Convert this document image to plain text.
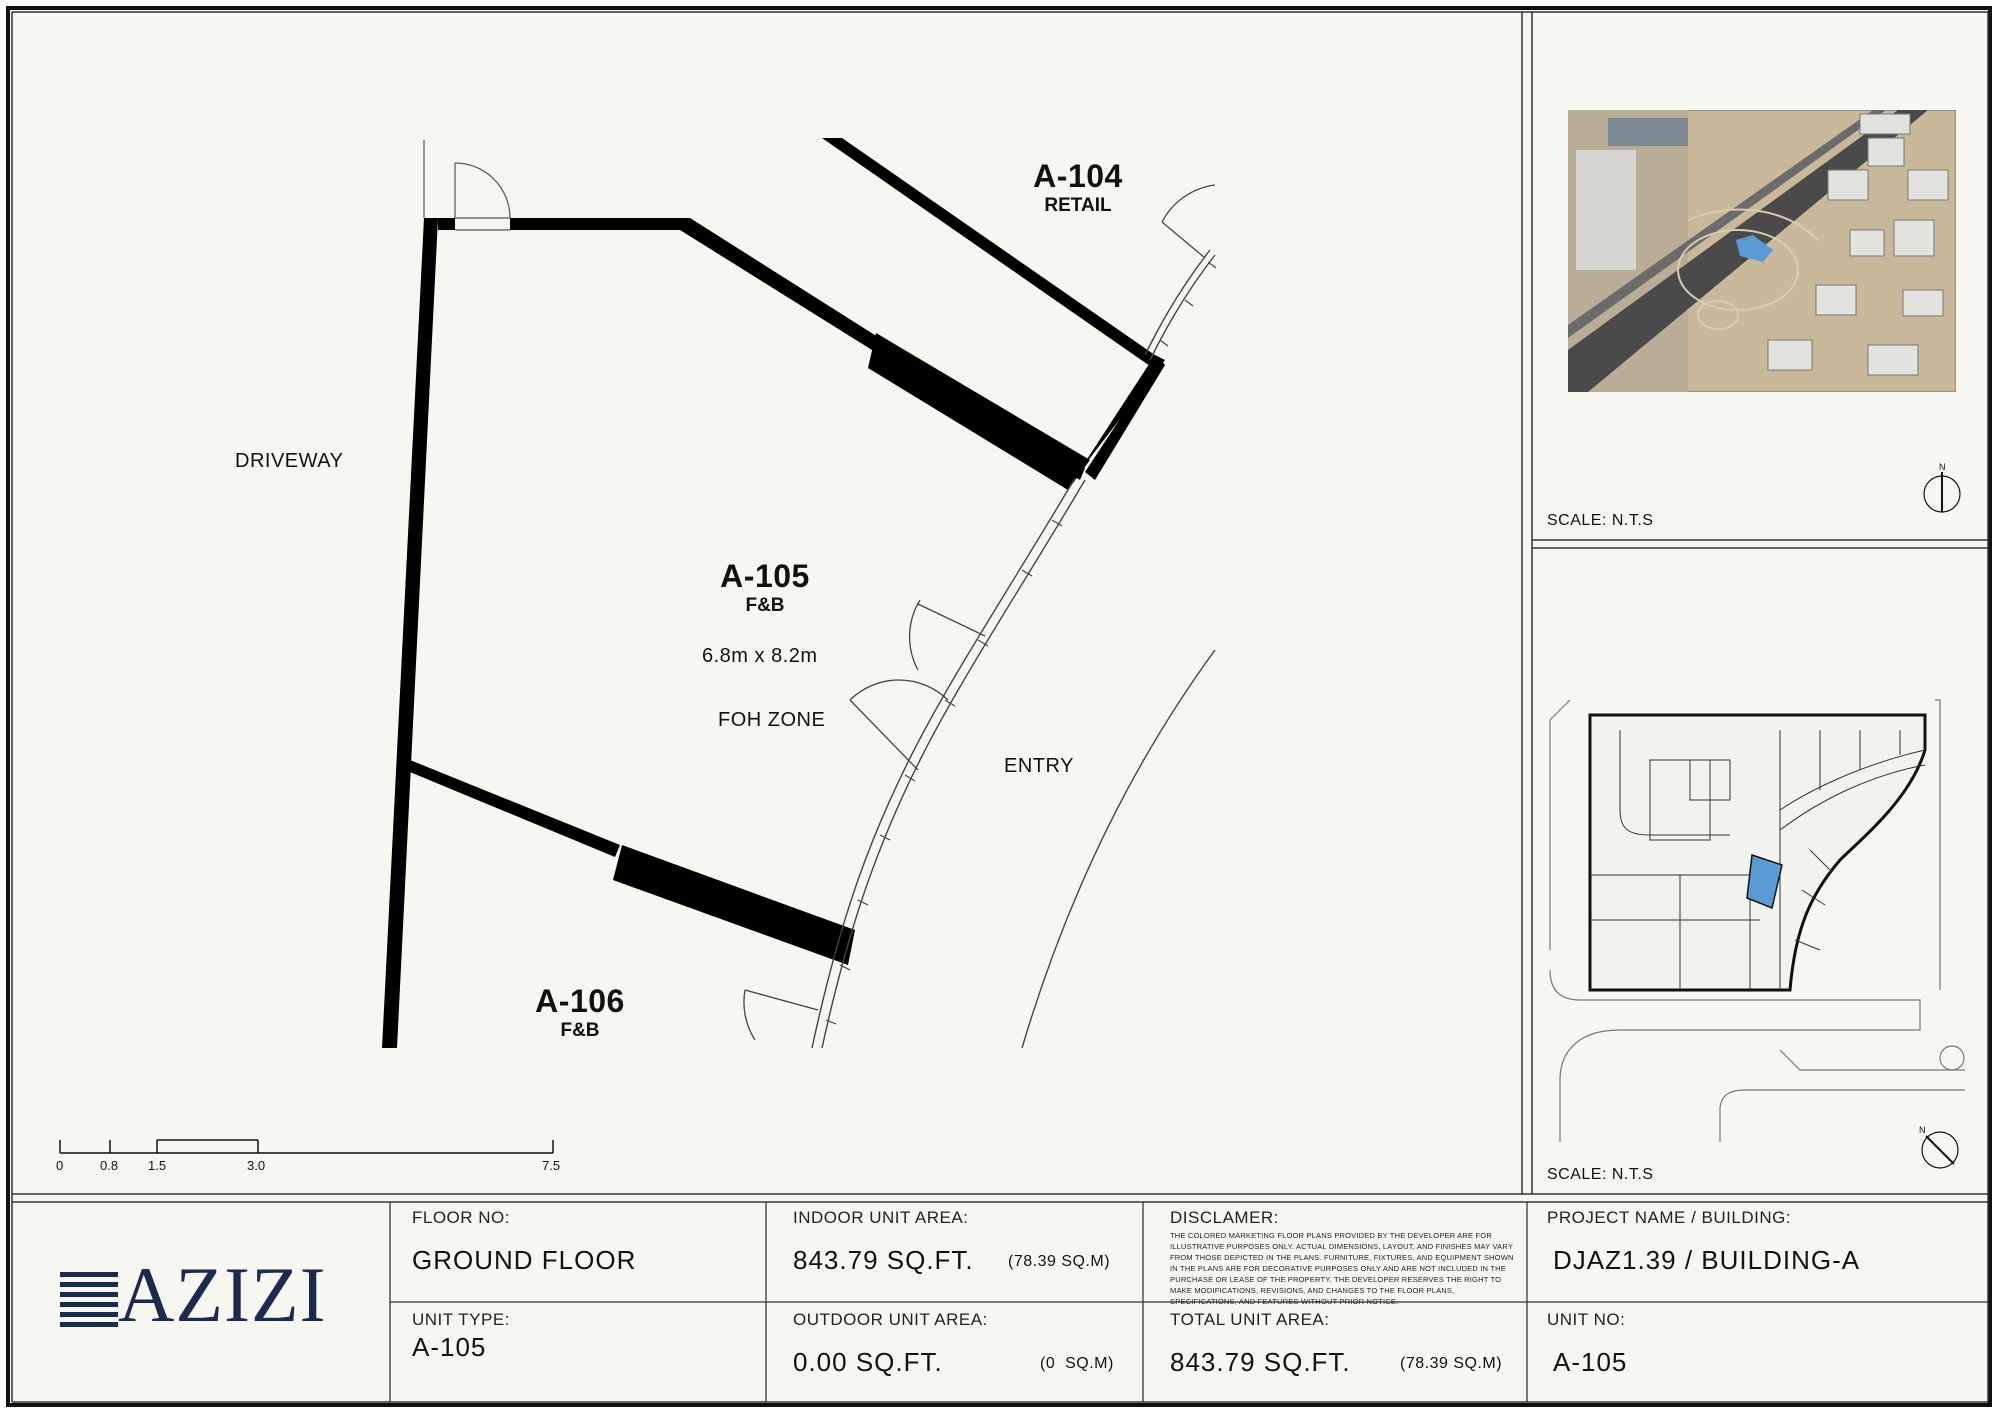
DRIVEWAY
ENTRY
A-104
RETAIL
A-105
F&B
6.8m x 8.2m
FOH ZONE
A-106
F&B
0	0.8 1.5	3.0	7.5
N
SCALE: N.T.S
N
SCALE: N.T.S
AZIZI
FLOOR NO:
GROUND FLOOR
UNIT TYPE:
A-105
INDOOR UNIT AREA:
843.79 SQ.FT. (78.39 SQ.M)
OUTDOOR UNIT AREA:
0.00 SQ.FT.	(0  SQ.M)
DISCLAMER:
THE COLORED MARKETING FLOOR PLANS PROVIDED BY THE DEVELOPER ARE FOR ILLUSTRATIVE PURPOSES ONLY. ACTUAL DIMENSIONS, LAYOUT, AND FINISHES MAY VARY FROM THOSE DEPICTED IN THE PLANS. FURNITURE, FIXTURES, AND EQUIPMENT SHOWN IN THE PLANS ARE FOR DECORATIVE PURPOSES ONLY AND ARE NOT INCLUDED IN THE PURCHASE OR LEASE OF THE PROPERTY. THE DEVELOPER RESERVES THE RIGHT TO MAKE MODIFICATIONS, REVISIONS, AND CHANGES TO THE FLOOR PLANS, SPECIFICATIONS, AND FEATURES WITHOUT PRIOR NOTICE.
TOTAL UNIT AREA:
843.79 SQ.FT.	(78.39 SQ.M)
PROJECT NAME / BUILDING:
DJAZ1.39 / BUILDING-A
UNIT NO:
A-105
